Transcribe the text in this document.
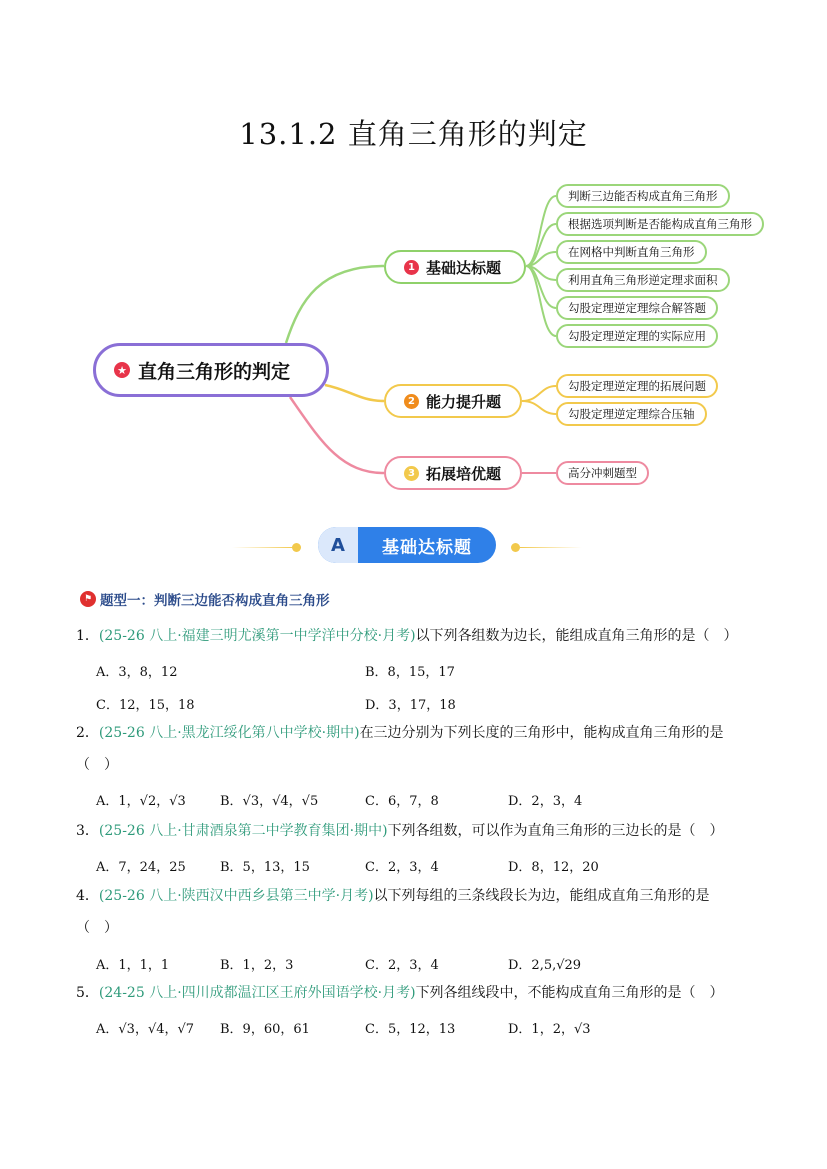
13.1.2 直角三角形的判定
★ 直角三角形的判定
1 基础达标题
2 能力提升题
3 拓展培优题
判断三边能否构成直角三角形
根据选项判断是否能构成直角三角形
在网格中判断直角三角形
利用直角三角形逆定理求面积
勾股定理逆定理综合解答题
勾股定理逆定理的实际应用
勾股定理逆定理的拓展问题
勾股定理逆定理综合压轴
高分冲刺题型
A	基础达标题
⚑ 题型一：判断三边能否构成直角三角形
1．(25-26 八上·福建三明尤溪第一中学洋中分校·月考)以下列各组数为边长，能组成直角三角形的是（　）
A．3，8，12	B．8，15，17
C．12，15，18	D．3，17，18
2．(25-26 八上·黑龙江绥化第八中学校·期中)在三边分别为下列长度的三角形中，能构成直角三角形的是
（　）
A．1，√2，√3	B．√3，√4，√5	C．6，7，8	D．2，3，4
3．(25-26 八上·甘肃酒泉第二中学教育集团·期中)下列各组数，可以作为直角三角形的三边长的是（　）
A．7，24，25	B．5，13，15	C．2，3，4	D．8，12，20
4．(25-26 八上·陕西汉中西乡县第三中学·月考)以下列每组的三条线段长为边，能组成直角三角形的是
（　）
A．1，1，1	B．1，2，3	C．2，3，4	D．2,5,√29
5．(24-25 八上·四川成都温江区王府外国语学校·月考)下列各组线段中，不能构成直角三角形的是（　）
A．√3，√4，√7 B．9，60，61	C．5，12，13	D．1，2，√3
